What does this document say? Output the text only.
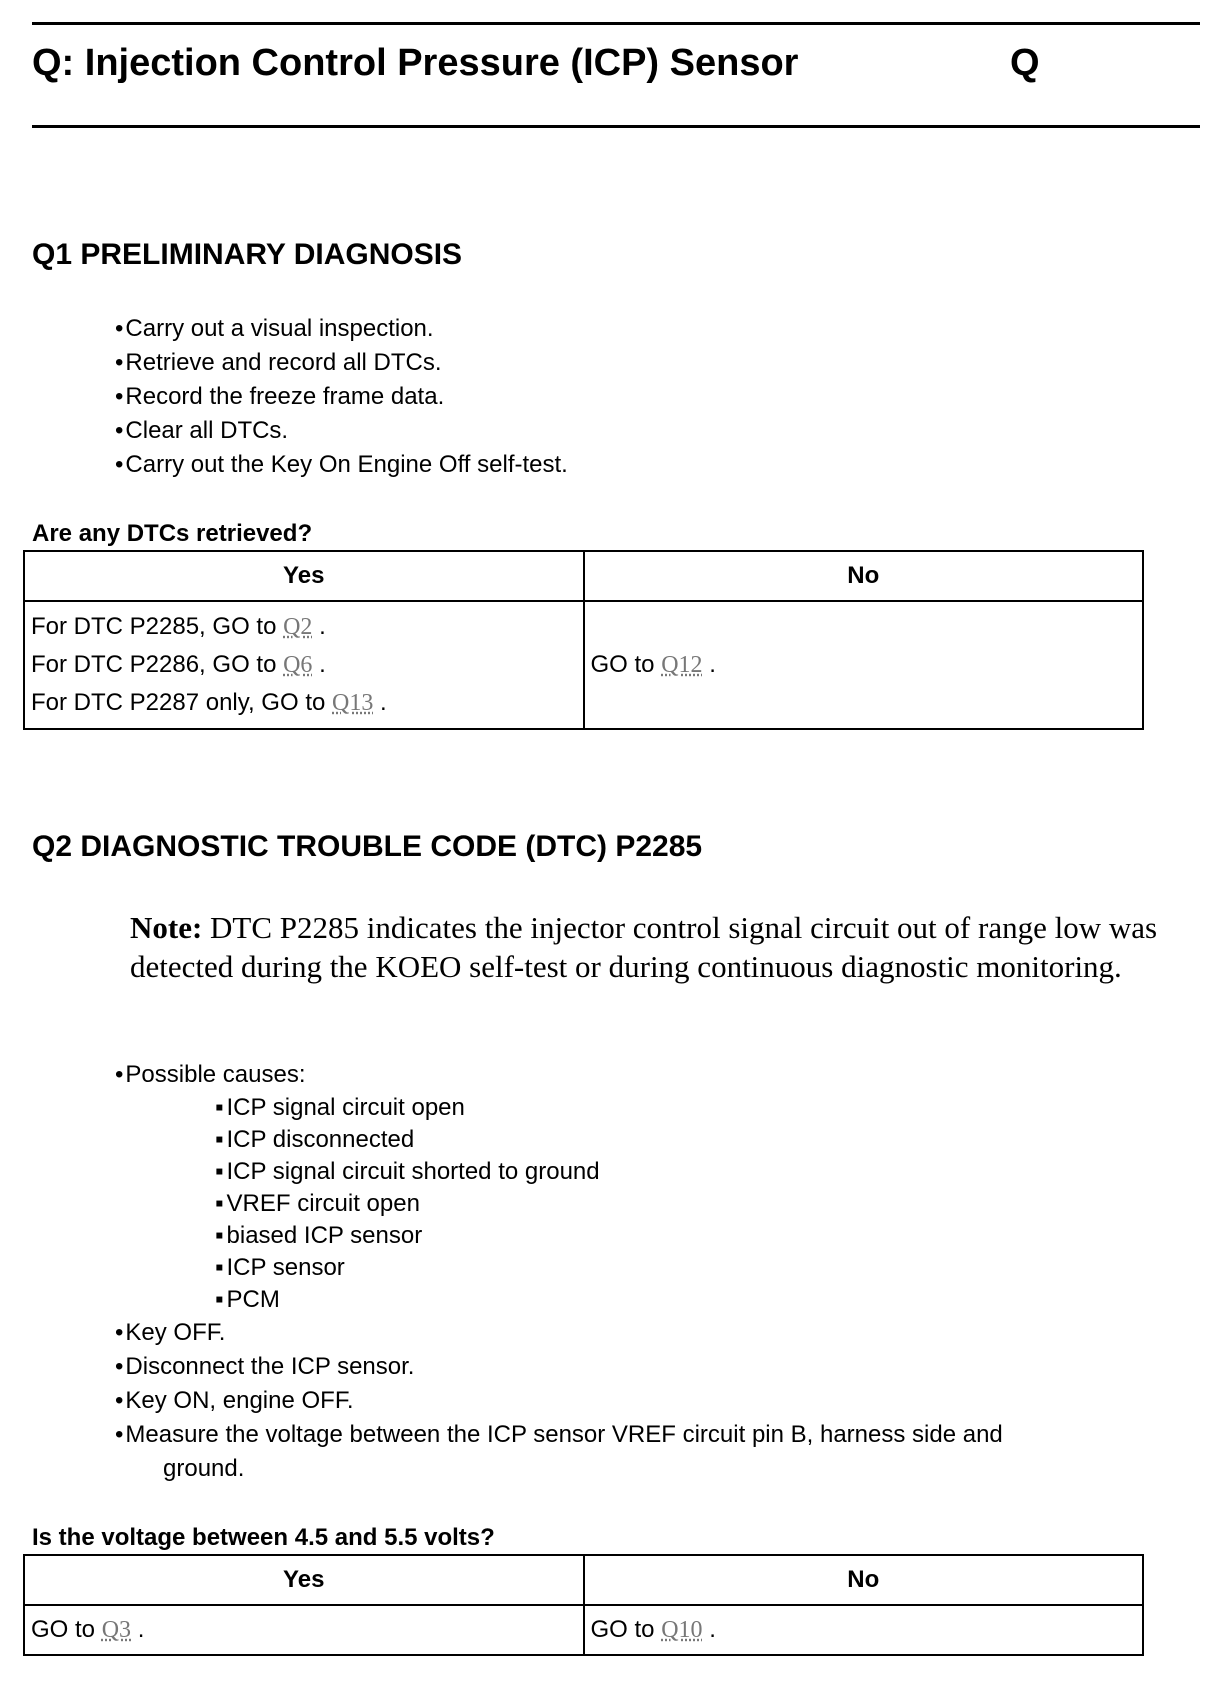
Q: Injection Control Pressure (ICP) Sensor	Q
Q1 PRELIMINARY DIAGNOSIS
• Carry out a visual inspection.
• Retrieve and record all DTCs.
• Record the freeze frame data.
• Clear all DTCs.
• Carry out the Key On Engine Off self-test.
Are any DTCs retrieved?
Yes	No

For DTC P2285, GO to Q2 .
For DTC P2286, GO to Q6 .
For DTC P2287 only, GO to Q13 .	GO to Q12 .
Q2 DIAGNOSTIC TROUBLE CODE (DTC) P2285
Note: DTC P2285 indicates the injector control signal circuit out of range low was detected during the KOEO self-test or during continuous diagnostic monitoring.
• Possible causes:
▪ ICP signal circuit open
▪ ICP disconnected
▪ ICP signal circuit shorted to ground
▪ VREF circuit open
▪ biased ICP sensor
▪ ICP sensor
▪ PCM
• Key OFF.
• Disconnect the ICP sensor.
• Key ON, engine OFF.
• Measure the voltage between the ICP sensor VREF circuit pin B, harness side and
ground.
Is the voltage between 4.5 and 5.5 volts?
Yes	No
GO to Q3 .	GO to Q10 .
